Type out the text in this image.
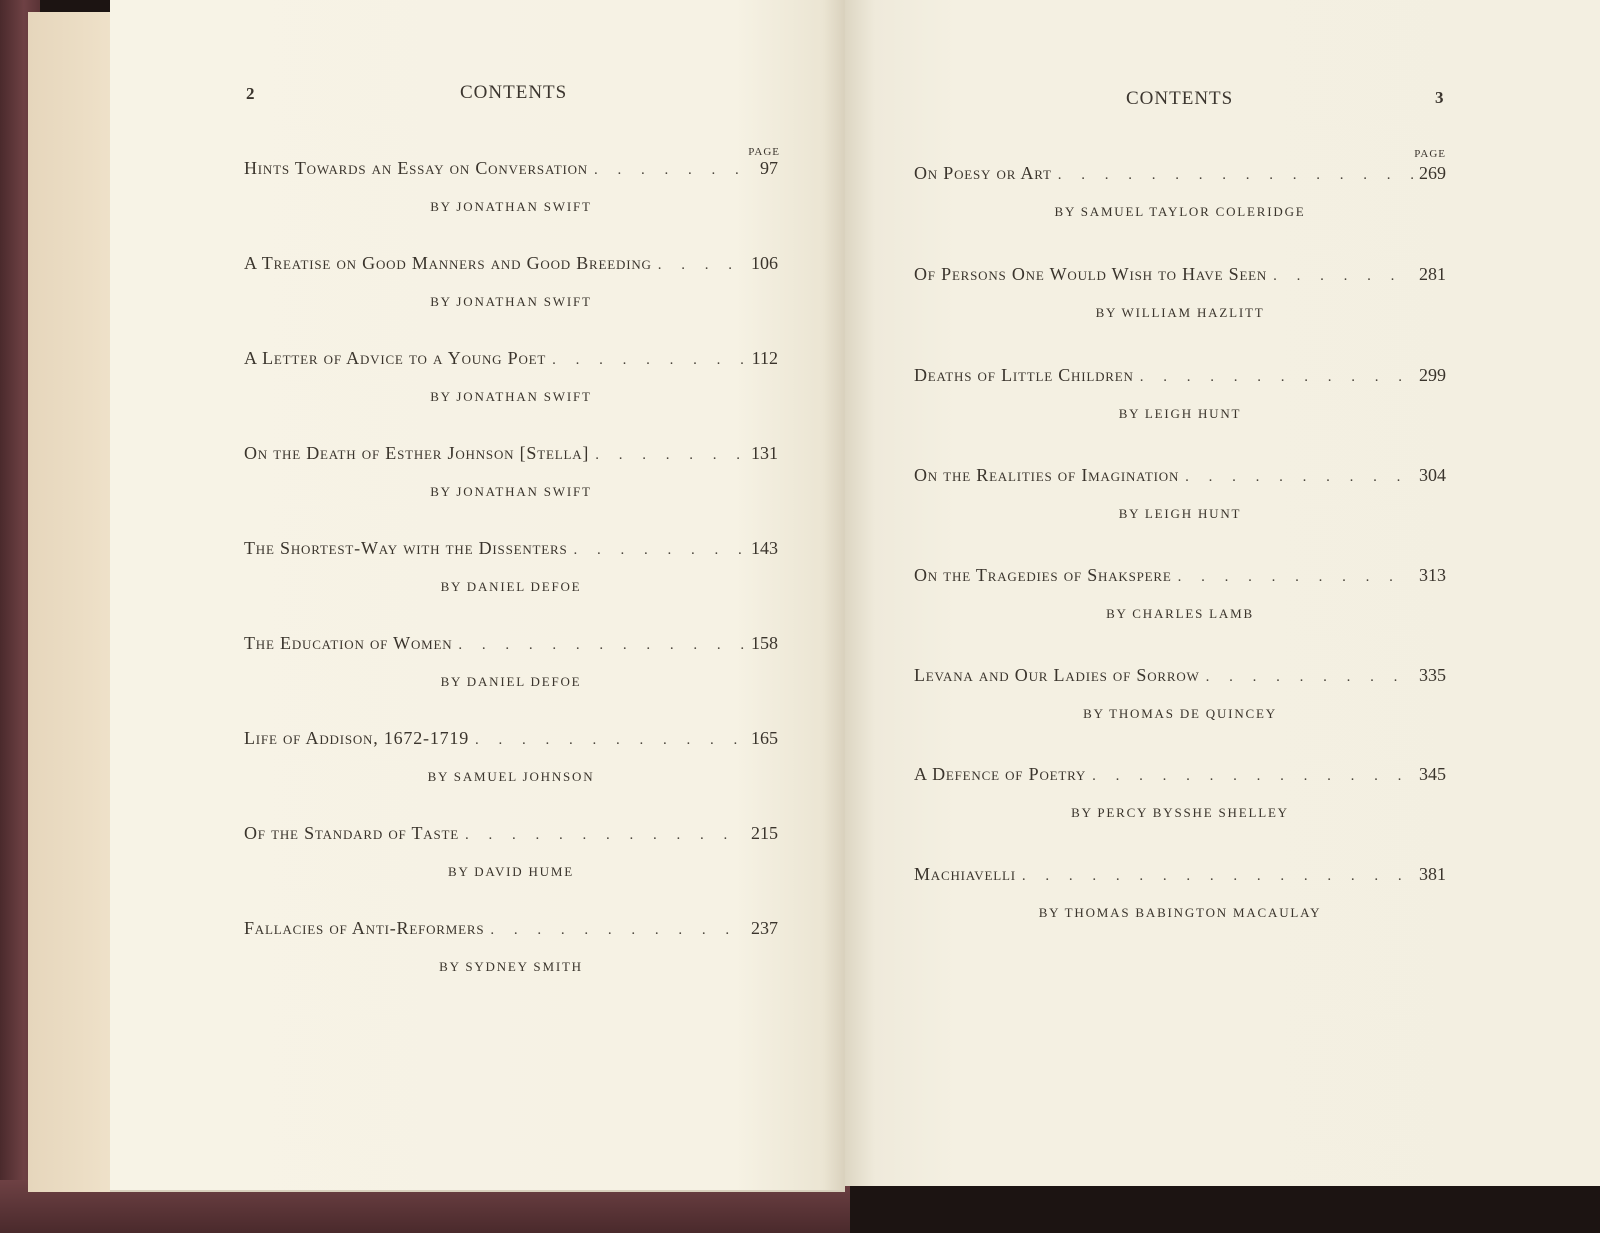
2	CONTENTS
PAGE
CONTENTS	3
PAGE
Hints Towards an Essay on Conversation . . .	97
BY JONATHAN SWIFT
A Treatise on Good Manners and Good Breeding . . .	106
BY JONATHAN SWIFT
A Letter of Advice to a Young Poet . . .	112
BY JONATHAN SWIFT
On the Death of Esther Johnson [Stella] . . .	131
BY JONATHAN SWIFT
The Shortest-Way with the Dissenters . . .	143
BY DANIEL DEFOE
The Education of Women . . .	158
BY DANIEL DEFOE
Life of Addison, 1672-1719 . . .	165
BY SAMUEL JOHNSON
Of the Standard of Taste . . .	215
BY DAVID HUME
Fallacies of Anti-Reformers . . .	237
BY SYDNEY SMITH
On Poesy or Art . . .	269
BY SAMUEL TAYLOR COLERIDGE
Of Persons One Would Wish to Have Seen . . .	281
BY WILLIAM HAZLITT
Deaths of Little Children . . .	299
BY LEIGH HUNT
On the Realities of Imagination . . .	304
BY LEIGH HUNT
On the Tragedies of Shakspere . . .	313
BY CHARLES LAMB
Levana and Our Ladies of Sorrow . . .	335
BY THOMAS DE QUINCEY
A Defence of Poetry . . .	345
BY PERCY BYSSHE SHELLEY
Machiavelli . . .	381
BY THOMAS BABINGTON MACAULAY
